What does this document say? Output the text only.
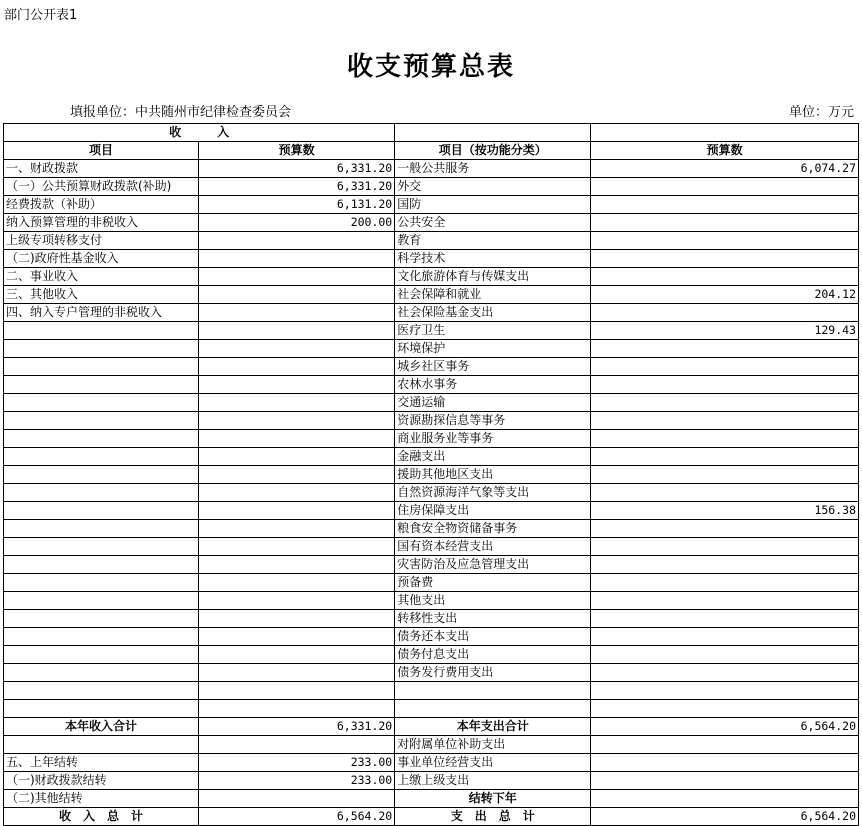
部门公开表1
收支预算总表
填报单位：中共随州市纪律检查委员会	单位：万元
收　　　入			
项目	预算数	项目（按功能分类）	预算数
一、财政拨款	6,331.20	一般公共服务	6,074.27
（一）公共预算财政拨款(补助)	6,331.20	外交	
经费拨款（补助）	6,131.20	国防	
纳入预算管理的非税收入	200.00	公共安全	
上级专项转移支付		教育	
（二)政府性基金收入		科学技术	
二、事业收入		文化旅游体育与传媒支出	
三、其他收入		社会保障和就业	204.12
四、纳入专户管理的非税收入		社会保险基金支出	
		医疗卫生	129.43
		环境保护	
		城乡社区事务	
		农林水事务	
		交通运输	
		资源勘探信息等事务	
		商业服务业等事务	
		金融支出	
		援助其他地区支出	
		自然资源海洋气象等支出	
		住房保障支出	156.38
		粮食安全物资储备事务	
		国有资本经营支出	
		灾害防治及应急管理支出	
		预备费	
		其他支出	
		转移性支出	
		债务还本支出	
		债务付息支出	
		债务发行费用支出	

本年收入合计	6,331.20	本年支出合计	6,564.20
		对附属单位补助支出	
五、上年结转	233.00	事业单位经营支出	
（一)财政拨款结转	233.00	上缴上级支出	
（二)其他结转		结转下年	
收　入　总　计	6,564.20	支　出　总　计	6,564.20
